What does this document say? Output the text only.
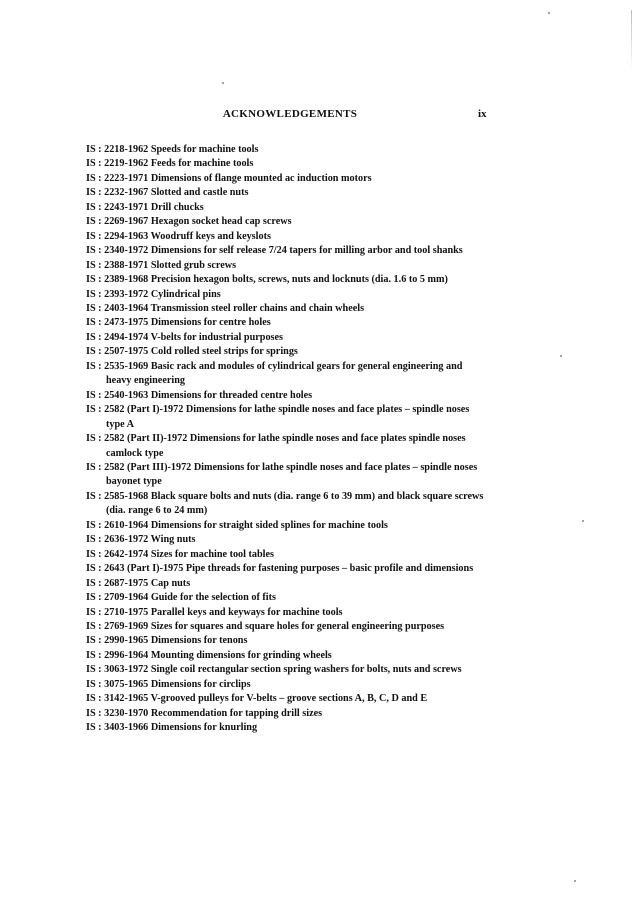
ACKNOWLEDGEMENTS	ix
IS : 2218-1962 Speeds for machine tools
IS : 2219-1962 Feeds for machine tools
IS : 2223-1971 Dimensions of flange mounted ac induction motors
IS : 2232-1967 Slotted and castle nuts
IS : 2243-1971 Drill chucks
IS : 2269-1967 Hexagon socket head cap screws
IS : 2294-1963 Woodruff keys and keyslots
IS : 2340-1972 Dimensions for self release 7/24 tapers for milling arbor and tool shanks
IS : 2388-1971 Slotted grub screws
IS : 2389-1968 Precision hexagon bolts, screws, nuts and locknuts (dia. 1.6 to 5 mm)
IS : 2393-1972 Cylindrical pins
IS : 2403-1964 Transmission steel roller chains and chain wheels
IS : 2473-1975 Dimensions for centre holes
IS : 2494-1974 V-belts for industrial purposes
IS : 2507-1975 Cold rolled steel strips for springs
IS : 2535-1969 Basic rack and modules of cylindrical gears for general engineering and heavy engineering
IS : 2540-1963 Dimensions for threaded centre holes
IS : 2582 (Part I)-1972 Dimensions for lathe spindle noses and face plates – spindle noses type A
IS : 2582 (Part II)-1972 Dimensions for lathe spindle noses and face plates spindle noses camlock type
IS : 2582 (Part III)-1972 Dimensions for lathe spindle noses and face plates – spindle noses bayonet type
IS : 2585-1968 Black square bolts and nuts (dia. range 6 to 39 mm) and black square screws (dia. range 6 to 24 mm)
IS : 2610-1964 Dimensions for straight sided splines for machine tools
IS : 2636-1972 Wing nuts
IS : 2642-1974 Sizes for machine tool tables
IS : 2643 (Part I)-1975 Pipe threads for fastening purposes – basic profile and dimensions
IS : 2687-1975 Cap nuts
IS : 2709-1964 Guide for the selection of fits
IS : 2710-1975 Parallel keys and keyways for machine tools
IS : 2769-1969 Sizes for squares and square holes for general engineering purposes
IS : 2990-1965 Dimensions for tenons
IS : 2996-1964 Mounting dimensions for grinding wheels
IS : 3063-1972 Single coil rectangular section spring washers for bolts, nuts and screws
IS : 3075-1965 Dimensions for circlips
IS : 3142-1965 V-grooved pulleys for V-belts – groove sections A, B, C, D and E
IS : 3230-1970 Recommendation for tapping drill sizes
IS : 3403-1966 Dimensions for knurling
